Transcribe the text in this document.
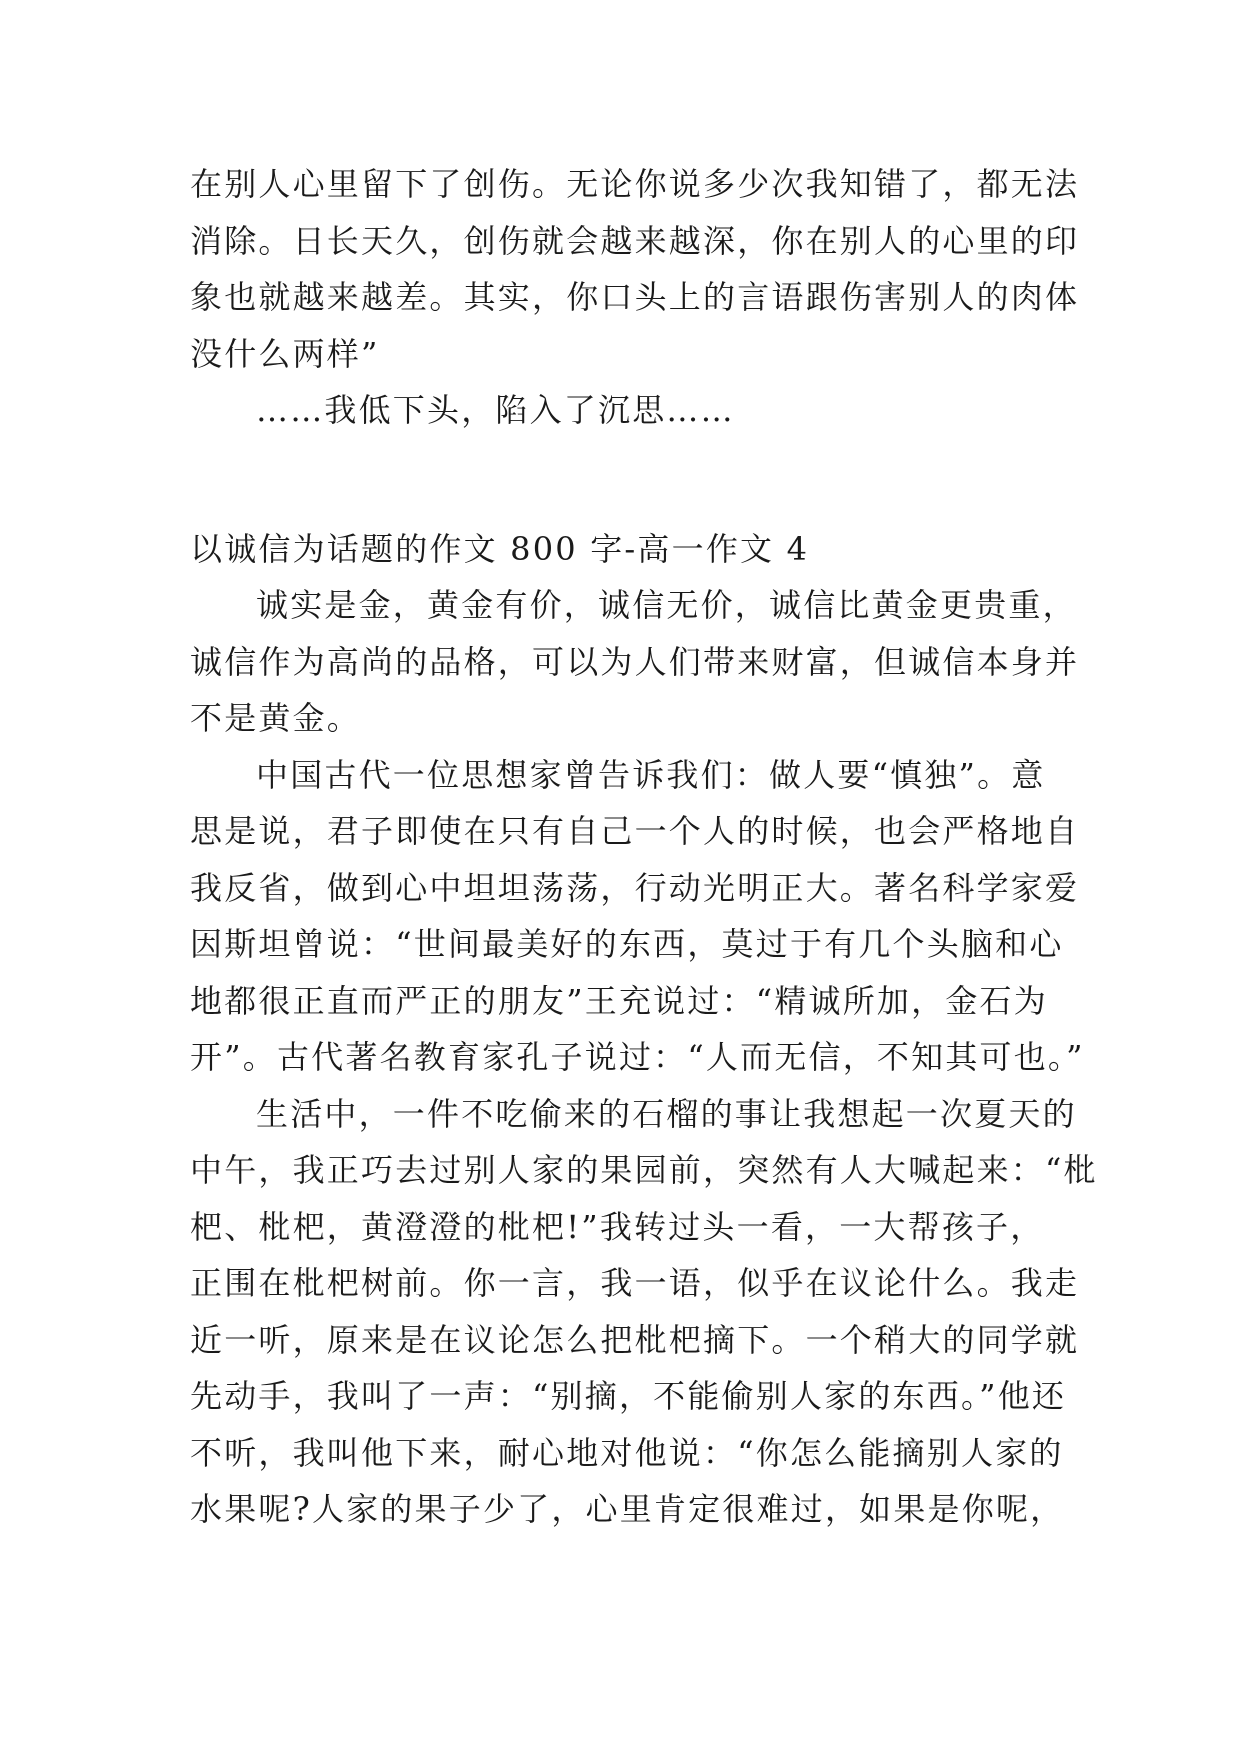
在别人心里留下了创伤。无论你说多少次我知错了，都无法
消除。日长天久，创伤就会越来越深，你在别人的心里的印
象也就越来越差。其实，你口头上的言语跟伤害别人的肉体
没什么两样”
……我低下头，陷入了沉思……
以诚信为话题的作文 800 字-高一作文 4
诚实是金，黄金有价，诚信无价，诚信比黄金更贵重，
诚信作为高尚的品格，可以为人们带来财富，但诚信本身并
不是黄金。
中国古代一位思想家曾告诉我们：做人要“慎独”。意
思是说，君子即使在只有自己一个人的时候，也会严格地自
我反省，做到心中坦坦荡荡，行动光明正大。著名科学家爱
因斯坦曾说：“世间最美好的东西，莫过于有几个头脑和心
地都很正直而严正的朋友”王充说过：“精诚所加，金石为
开”。古代著名教育家孔子说过：“人而无信，不知其可也。”
生活中，一件不吃偷来的石榴的事让我想起一次夏天的
中午，我正巧去过别人家的果园前，突然有人大喊起来：“枇
杷、枇杷，黄澄澄的枇杷!”我转过头一看，一大帮孩子，
正围在枇杷树前。你一言，我一语，似乎在议论什么。我走
近一听，原来是在议论怎么把枇杷摘下。一个稍大的同学就
先动手，我叫了一声：“别摘，不能偷别人家的东西。”他还
不听，我叫他下来，耐心地对他说：“你怎么能摘别人家的
水果呢?人家的果子少了，心里肯定很难过，如果是你呢，
